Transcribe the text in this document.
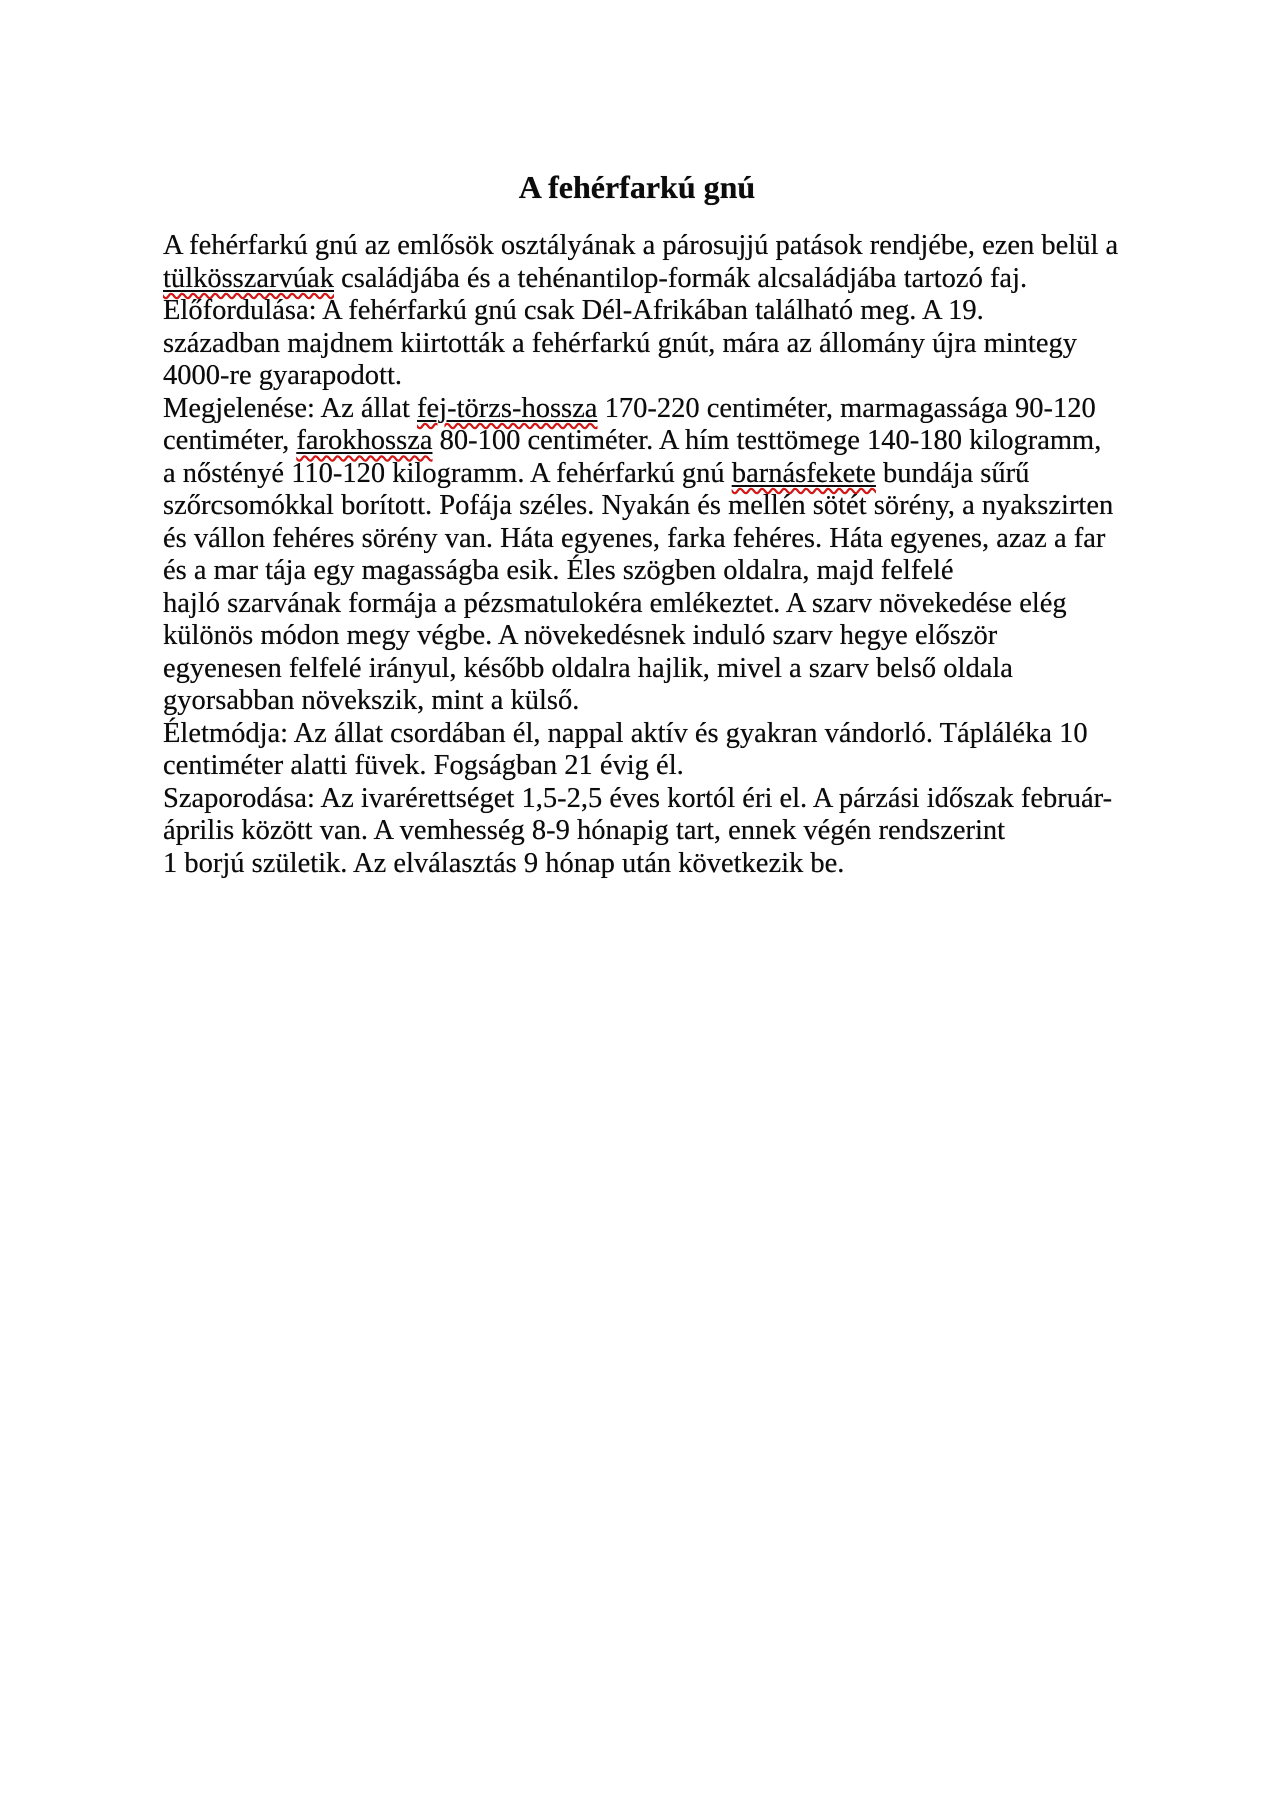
A fehérfarkú gnú
A fehérfarkú gnú az emlősök osztályának a párosujjú patások rendjébe, ezen belül a
tülkösszarvúak családjába és a tehénantilop-formák alcsaládjába tartozó faj.
Előfordulása: A fehérfarkú gnú csak Dél-Afrikában található meg. A 19.
században majdnem kiirtották a fehérfarkú gnút, mára az állomány újra mintegy
4000-re gyarapodott.
Megjelenése: Az állat fej-törzs-hossza 170-220 centiméter, marmagassága 90-120
centiméter, farokhossza 80-100 centiméter. A hím testtömege 140-180 kilogramm,
a nőstényé 110-120 kilogramm. A fehérfarkú gnú barnásfekete bundája sűrű
szőrcsomókkal borított. Pofája széles. Nyakán és mellén sötét sörény, a nyakszirten
és vállon fehéres sörény van. Háta egyenes, farka fehéres. Háta egyenes, azaz a far
és a mar tája egy magasságba esik. Éles szögben oldalra, majd felfelé
hajló szarvának formája a pézsmatulokéra emlékeztet. A szarv növekedése elég
különös módon megy végbe. A növekedésnek induló szarv hegye először
egyenesen felfelé irányul, később oldalra hajlik, mivel a szarv belső oldala
gyorsabban növekszik, mint a külső.
Életmódja: Az állat csordában él, nappal aktív és gyakran vándorló. Tápláléka 10
centiméter alatti füvek. Fogságban 21 évig él.
Szaporodása: Az ivarérettséget 1,5-2,5 éves kortól éri el. A párzási időszak február-
április között van. A vemhesség 8-9 hónapig tart, ennek végén rendszerint
1 borjú születik. Az elválasztás 9 hónap után következik be.
